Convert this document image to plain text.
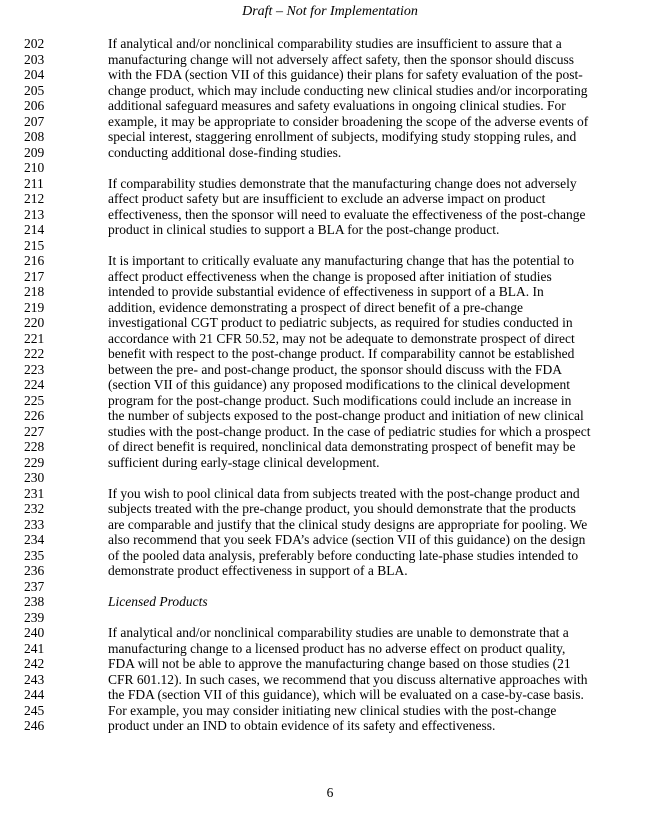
Draft – Not for Implementation
202	If analytical and/or nonclinical comparability studies are insufficient to assure that a
203	manufacturing change will not adversely affect safety, then the sponsor should discuss
204	with the FDA (section VII of this guidance) their plans for safety evaluation of the post-
205	change product, which may include conducting new clinical studies and/or incorporating
206	additional safeguard measures and safety evaluations in ongoing clinical studies. For
207	example, it may be appropriate to consider broadening the scope of the adverse events of
208	special interest, staggering enrollment of subjects, modifying study stopping rules, and
209	conducting additional dose-finding studies.
210
211	If comparability studies demonstrate that the manufacturing change does not adversely
212	affect product safety but are insufficient to exclude an adverse impact on product
213	effectiveness, then the sponsor will need to evaluate the effectiveness of the post-change
214	product in clinical studies to support a BLA for the post-change product.
215
216	It is important to critically evaluate any manufacturing change that has the potential to
217	affect product effectiveness when the change is proposed after initiation of studies
218	intended to provide substantial evidence of effectiveness in support of a BLA. In
219	addition, evidence demonstrating a prospect of direct benefit of a pre-change
220	investigational CGT product to pediatric subjects, as required for studies conducted in
221	accordance with 21 CFR 50.52, may not be adequate to demonstrate prospect of direct
222	benefit with respect to the post-change product. If comparability cannot be established
223	between the pre- and post-change product, the sponsor should discuss with the FDA
224	(section VII of this guidance) any proposed modifications to the clinical development
225	program for the post-change product. Such modifications could include an increase in
226	the number of subjects exposed to the post-change product and initiation of new clinical
227	studies with the post-change product. In the case of pediatric studies for which a prospect
228	of direct benefit is required, nonclinical data demonstrating prospect of benefit may be
229	sufficient during early-stage clinical development.
230
231	If you wish to pool clinical data from subjects treated with the post-change product and
232	subjects treated with the pre-change product, you should demonstrate that the products
233	are comparable and justify that the clinical study designs are appropriate for pooling. We
234	also recommend that you seek FDA’s advice (section VII of this guidance) on the design
235	of the pooled data analysis, preferably before conducting late-phase studies intended to
236	demonstrate product effectiveness in support of a BLA.
237
238	Licensed Products
239
240	If analytical and/or nonclinical comparability studies are unable to demonstrate that a
241	manufacturing change to a licensed product has no adverse effect on product quality,
242	FDA will not be able to approve the manufacturing change based on those studies (21
243	CFR 601.12). In such cases, we recommend that you discuss alternative approaches with
244	the FDA (section VII of this guidance), which will be evaluated on a case-by-case basis.
245	For example, you may consider initiating new clinical studies with the post-change
246	product under an IND to obtain evidence of its safety and effectiveness.
6
